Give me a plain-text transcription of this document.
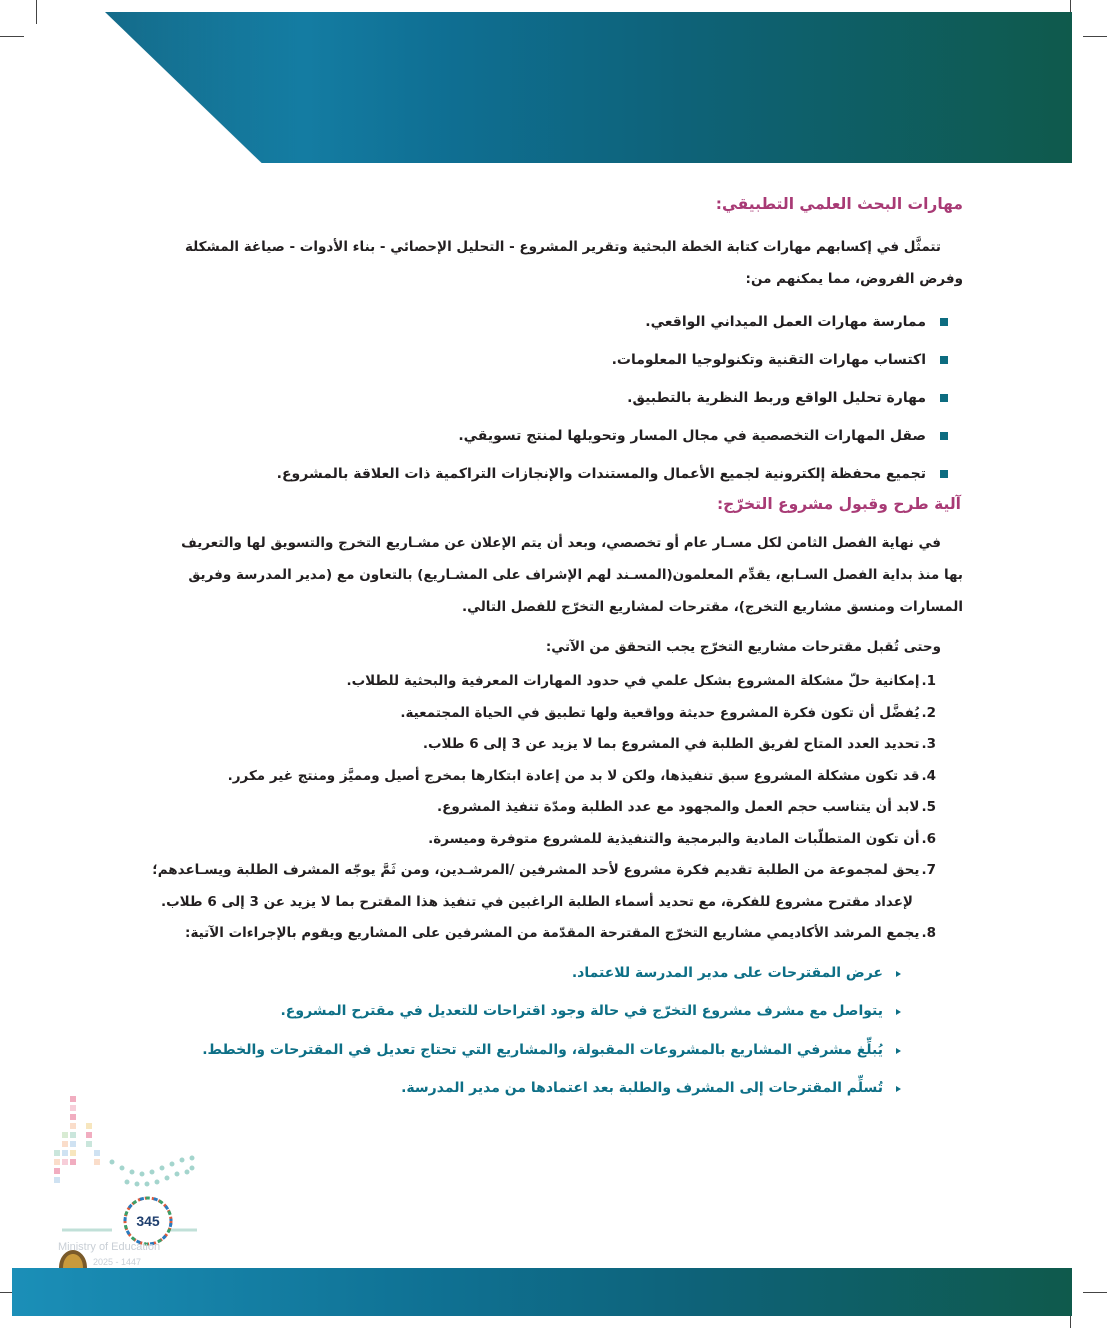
مهارات البحث العلمي التطبيقي:

تتمثَّل في إكسابهم مهارات كتابة الخطة البحثية وتقرير المشروع - التحليل الإحصائي - بناء الأدوات - صياغة المشكلة

وفرض الفروض، مما يمكنهم من:

ممارسة مهارات العمل الميداني الواقعي.
اكتساب مهارات التقنية وتكنولوجيا المعلومات.
مهارة تحليل الواقع وربط النظرية بالتطبيق.
صقل المهارات التخصصية في مجال المسار وتحويلها لمنتج تسويقي.
تجميع محفظة إلكترونية لجميع الأعمال والمستندات والإنجازات التراكمية ذات العلاقة بالمشروع.
آلية طرح وقبول مشروع التخرّج:

في نهاية الفصل الثامن لكل مسـار عام أو تخصصي، وبعد أن يتم الإعلان عن مشـاريع التخرج والتسويق لها والتعريف

بها منذ بداية الفصل السـابع، يقدِّم المعلمون(المسـند لهم الإشراف على المشـاريع) بالتعاون مع (مدير المدرسة وفريق

المسارات ومنسق مشاريع التخرج)، مقترحات لمشاريع التخرّج للفصل التالي.

وحتى تُقبل مقترحات مشاريع التخرّج يجب التحقق من الآتي:

1.
إمكانية حلّ مشكلة المشروع بشكل علمي في حدود المهارات المعرفية والبحثية للطلاب.
2.
يُفضَّل أن تكون فكرة المشروع حديثة وواقعية ولها تطبيق في الحياة المجتمعية.
3.
تحديد العدد المتاح لفريق الطلبة في المشروع بما لا يزيد عن 3 إلى 6 طلاب.
4.
قد تكون مشكلة المشروع سبق تنفيذها، ولكن لا بد من إعادة ابتكارها بمخرج أصيل ومميَّز ومنتج غير مكرر.
5.
لابد أن يتناسب حجم العمل والمجهود مع عدد الطلبة ومدّة تنفيذ المشروع.
6.
أن تكون المتطلّبات المادية والبرمجية والتنفيذية للمشروع متوفرة وميسرة.
7.
يحق لمجموعة من الطلبة تقديم فكرة مشروع لأحد المشرفين /المرشـدين، ومن ثَمَّ يوجّه المشرف الطلبة ويسـاعدهم؛
لإعداد مقترح مشروع للفكرة، مع تحديد أسماء الطلبة الراغبين في تنفيذ هذا المقترح بما لا يزيد عن 3 إلى 6 طلاب.
8.
يجمع المرشد الأكاديمي مشاريع التخرّج المقترحة المقدّمة من المشرفين على المشاريع ويقوم بالإجراءات الآتية:
عرض المقترحات على مدير المدرسة للاعتماد.
يتواصل مع مشرف مشروع التخرّج في حالة وجود اقتراحات للتعديل في مقترح المشروع.
يُبلِّغ مشرفي المشاريع بالمشروعات المقبولة، والمشاريع التي تحتاج تعديل في المقترحات والخطط.
تُسلِّم المقترحات إلى المشرف والطلبة بعد اعتمادها من مدير المدرسة.
345
Ministry of Education
2025 - 1447
